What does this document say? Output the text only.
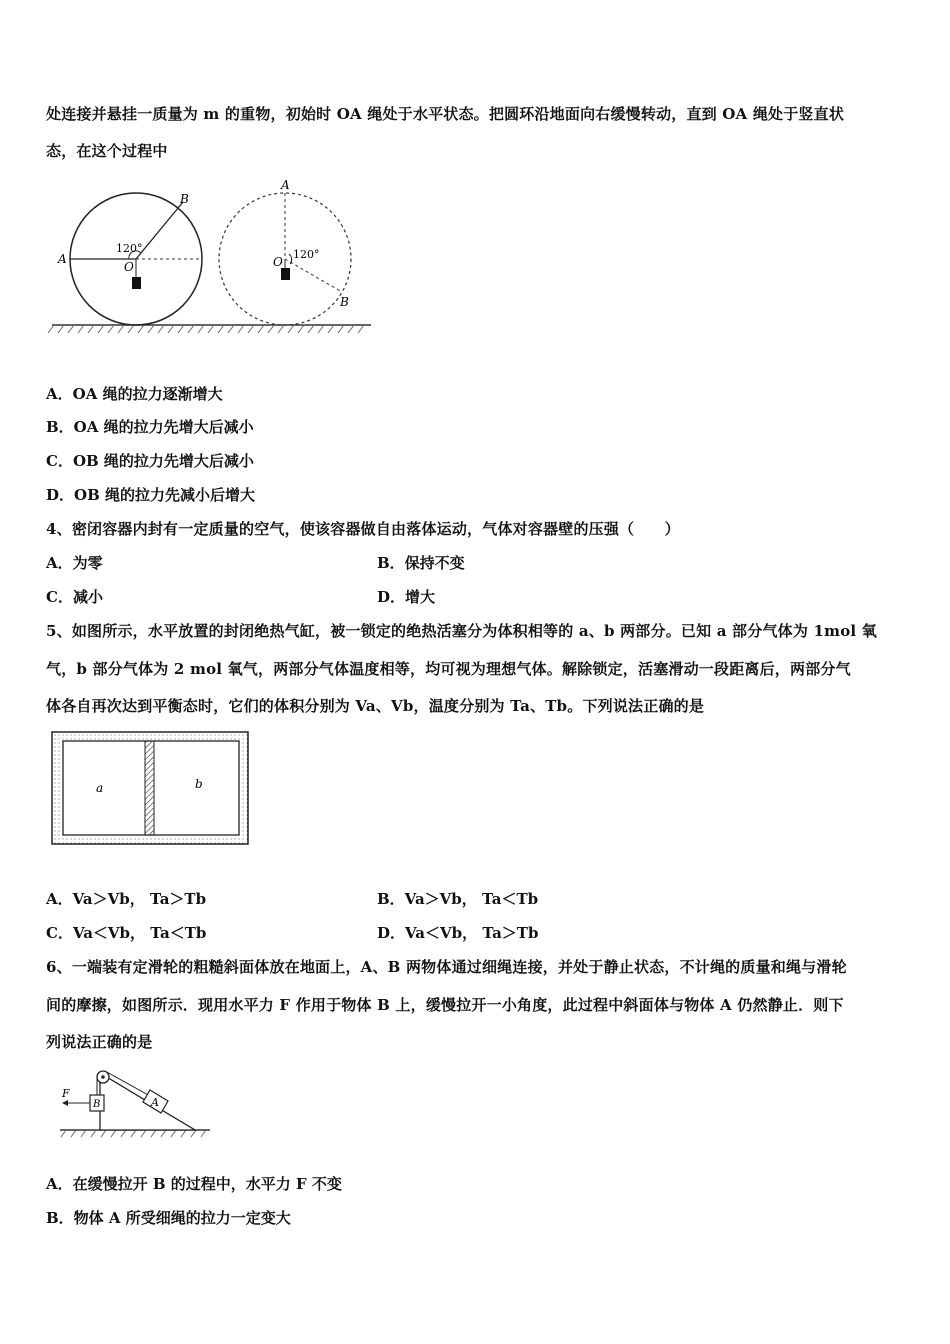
处连接并悬挂一质量为 m 的重物，初始时 OA 绳处于水平状态。把圆环沿地面向右缓慢转动，直到 OA 绳处于竖直状
态，在这个过程中
A
B
O
120°
A
B
O
120°
A．OA 绳的拉力逐渐增大
B．OA 绳的拉力先增大后减小
C．OB 绳的拉力先增大后减小
D．OB 绳的拉力先减小后增大
4、密闭容器内封有一定质量的空气，使该容器做自由落体运动，气体对容器壁的压强（　　）
A．为零	B．保持不变
C．减小	D．增大
5、如图所示，水平放置的封闭绝热气缸，被一锁定的绝热活塞分为体积相等的 a、b 两部分。已知 a 部分气体为 1mol 氧
气，b 部分气体为 2 mol 氧气，两部分气体温度相等，均可视为理想气体。解除锁定，活塞滑动一段距离后，两部分气
体各自再次达到平衡态时，它们的体积分别为 Va、Vb，温度分别为 Ta、Tb。下列说法正确的是
a	b
A．Va＞Vb， Ta＞Tb	B．Va＞Vb， Ta＜Tb
C．Va＜Vb， Ta＜Tb	D．Va＜Vb， Ta＞Tb
6、一端装有定滑轮的粗糙斜面体放在地面上，A、B 两物体通过细绳连接，并处于静止状态，不计绳的质量和绳与滑轮
间的摩擦，如图所示．现用水平力 F 作用于物体 B 上，缓慢拉开一小角度，此过程中斜面体与物体 A 仍然静止．则下
列说法正确的是
A
B
F
A．在缓慢拉开 B 的过程中，水平力 F 不变
B．物体 A 所受细绳的拉力一定变大
